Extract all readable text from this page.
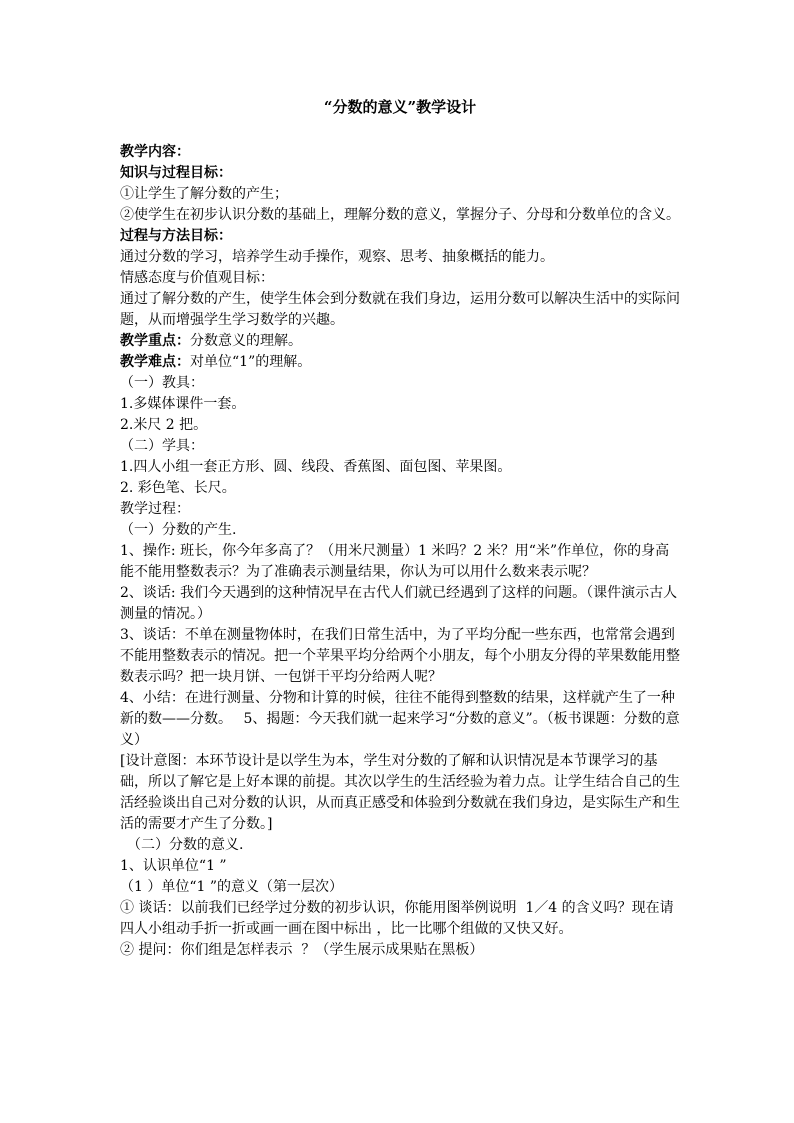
“分数的意义”教学设计
教学内容：
知识与过程目标：
①让学生了解分数的产生；
②使学生在初步认识分数的基础上，理解分数的意义，掌握分子、分母和分数单位的含义。
过程与方法目标：
通过分数的学习，培养学生动手操作，观察、思考、抽象概括的能力。
情感态度与价值观目标：
通过了解分数的产生，使学生体会到分数就在我们身边，运用分数可以解决生活中的实际问题，从而增强学生学习数学的兴趣。
教学重点：分数意义的理解。
教学难点：对单位“1”的理解。
（一）教具：
1.多媒体课件一套。
2.米尺 2 把。
（二）学具：
1.四人小组一套正方形、圆、线段、香蕉图、面包图、苹果图。
2. 彩色笔、长尺。
教学过程：
（一）分数的产生.
1、操作: 班长，你今年多高了？（用米尺测量）1 米吗？2 米？用“米”作单位，你的身高能不能用整数表示？为了准确表示测量结果，你认为可以用什么数来表示呢？
2、谈话: 我们今天遇到的这种情况早在古代人们就已经遇到了这样的问题。（课件演示古人测量的情况。）
3、谈话：不单在测量物体时，在我们日常生活中，为了平均分配一些东西，也常常会遇到不能用整数表示的情况。把一个苹果平均分给两个小朋友，每个小朋友分得的苹果数能用整数表示吗？把一块月饼、一包饼干平均分给两人呢？
4、小结：在进行测量、分物和计算的时候，往往不能得到整数的结果，这样就产生了一种新的数——分数。　 5、揭题：今天我们就一起来学习“分数的意义”。（板书课题：分数的意义）
[设计意图：本环节设计是以学生为本，学生对分数的了解和认识情况是本节课学习的基础，所以了解它是上好本课的前提。其次以学生的生活经验为着力点。让学生结合自己的生活经验谈出自己对分数的认识，从而真正感受和体验到分数就在我们身边，是实际生产和生活的需要才产生了分数。]
　（二）分数的意义.
1、认识单位“1 ”
（1 ）单位“1 ”的意义（第一层次）
① 谈话：以前我们已经学过分数的初步认识，你能用图举例说明  1／4 的含义吗？现在请四人小组动手折一折或画一画在图中标出 ，比一比哪个组做的又快又好。
② 提问：你们组是怎样表示  ？（学生展示成果贴在黑板）
